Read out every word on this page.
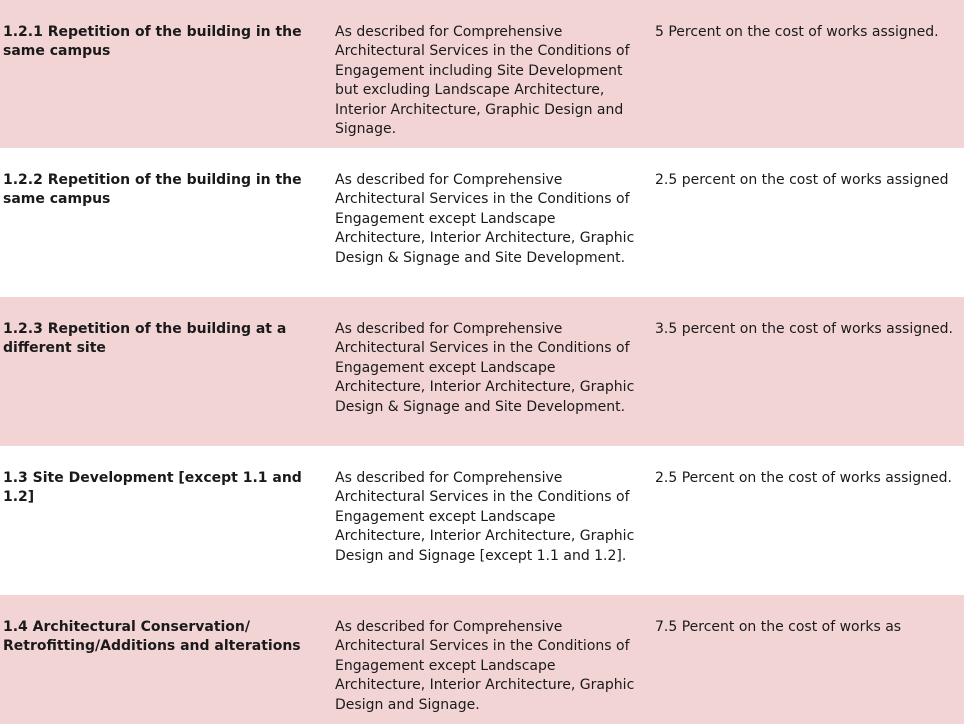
1.2.1 Repetition of the building in the same campus
As described for Comprehensive Architectural Services in the Conditions of Engagement including Site Development but excluding Landscape Architecture, Interior Architecture, Graphic Design and Signage.
5 Percent on the cost of works assigned.
1.2.2 Repetition of the building in the same campus
As described for Comprehensive Architectural Services in the Conditions of Engagement except Landscape Architecture, Interior Architecture, Graphic Design & Signage and Site Development.
2.5 percent on the cost of works assigned
1.2.3 Repetition of the building at a different site
As described for Comprehensive Architectural Services in the Conditions of Engagement except Landscape Architecture, Interior Architecture, Graphic Design & Signage and Site Development.
3.5 percent on the cost of works assigned.
1.3 Site Development [except 1.1 and 1.2]
As described for Comprehensive Architectural Services in the Conditions of Engagement except Landscape Architecture, Interior Architecture, Graphic Design and Signage [except 1.1 and 1.2].
2.5 Percent on the cost of works assigned.
1.4 Architectural Conservation/ Retrofitting/Additions and alterations
As described for Comprehensive Architectural Services in the Conditions of Engagement except Landscape Architecture, Interior Architecture, Graphic Design and Signage.
7.5 Percent on the cost of works as
